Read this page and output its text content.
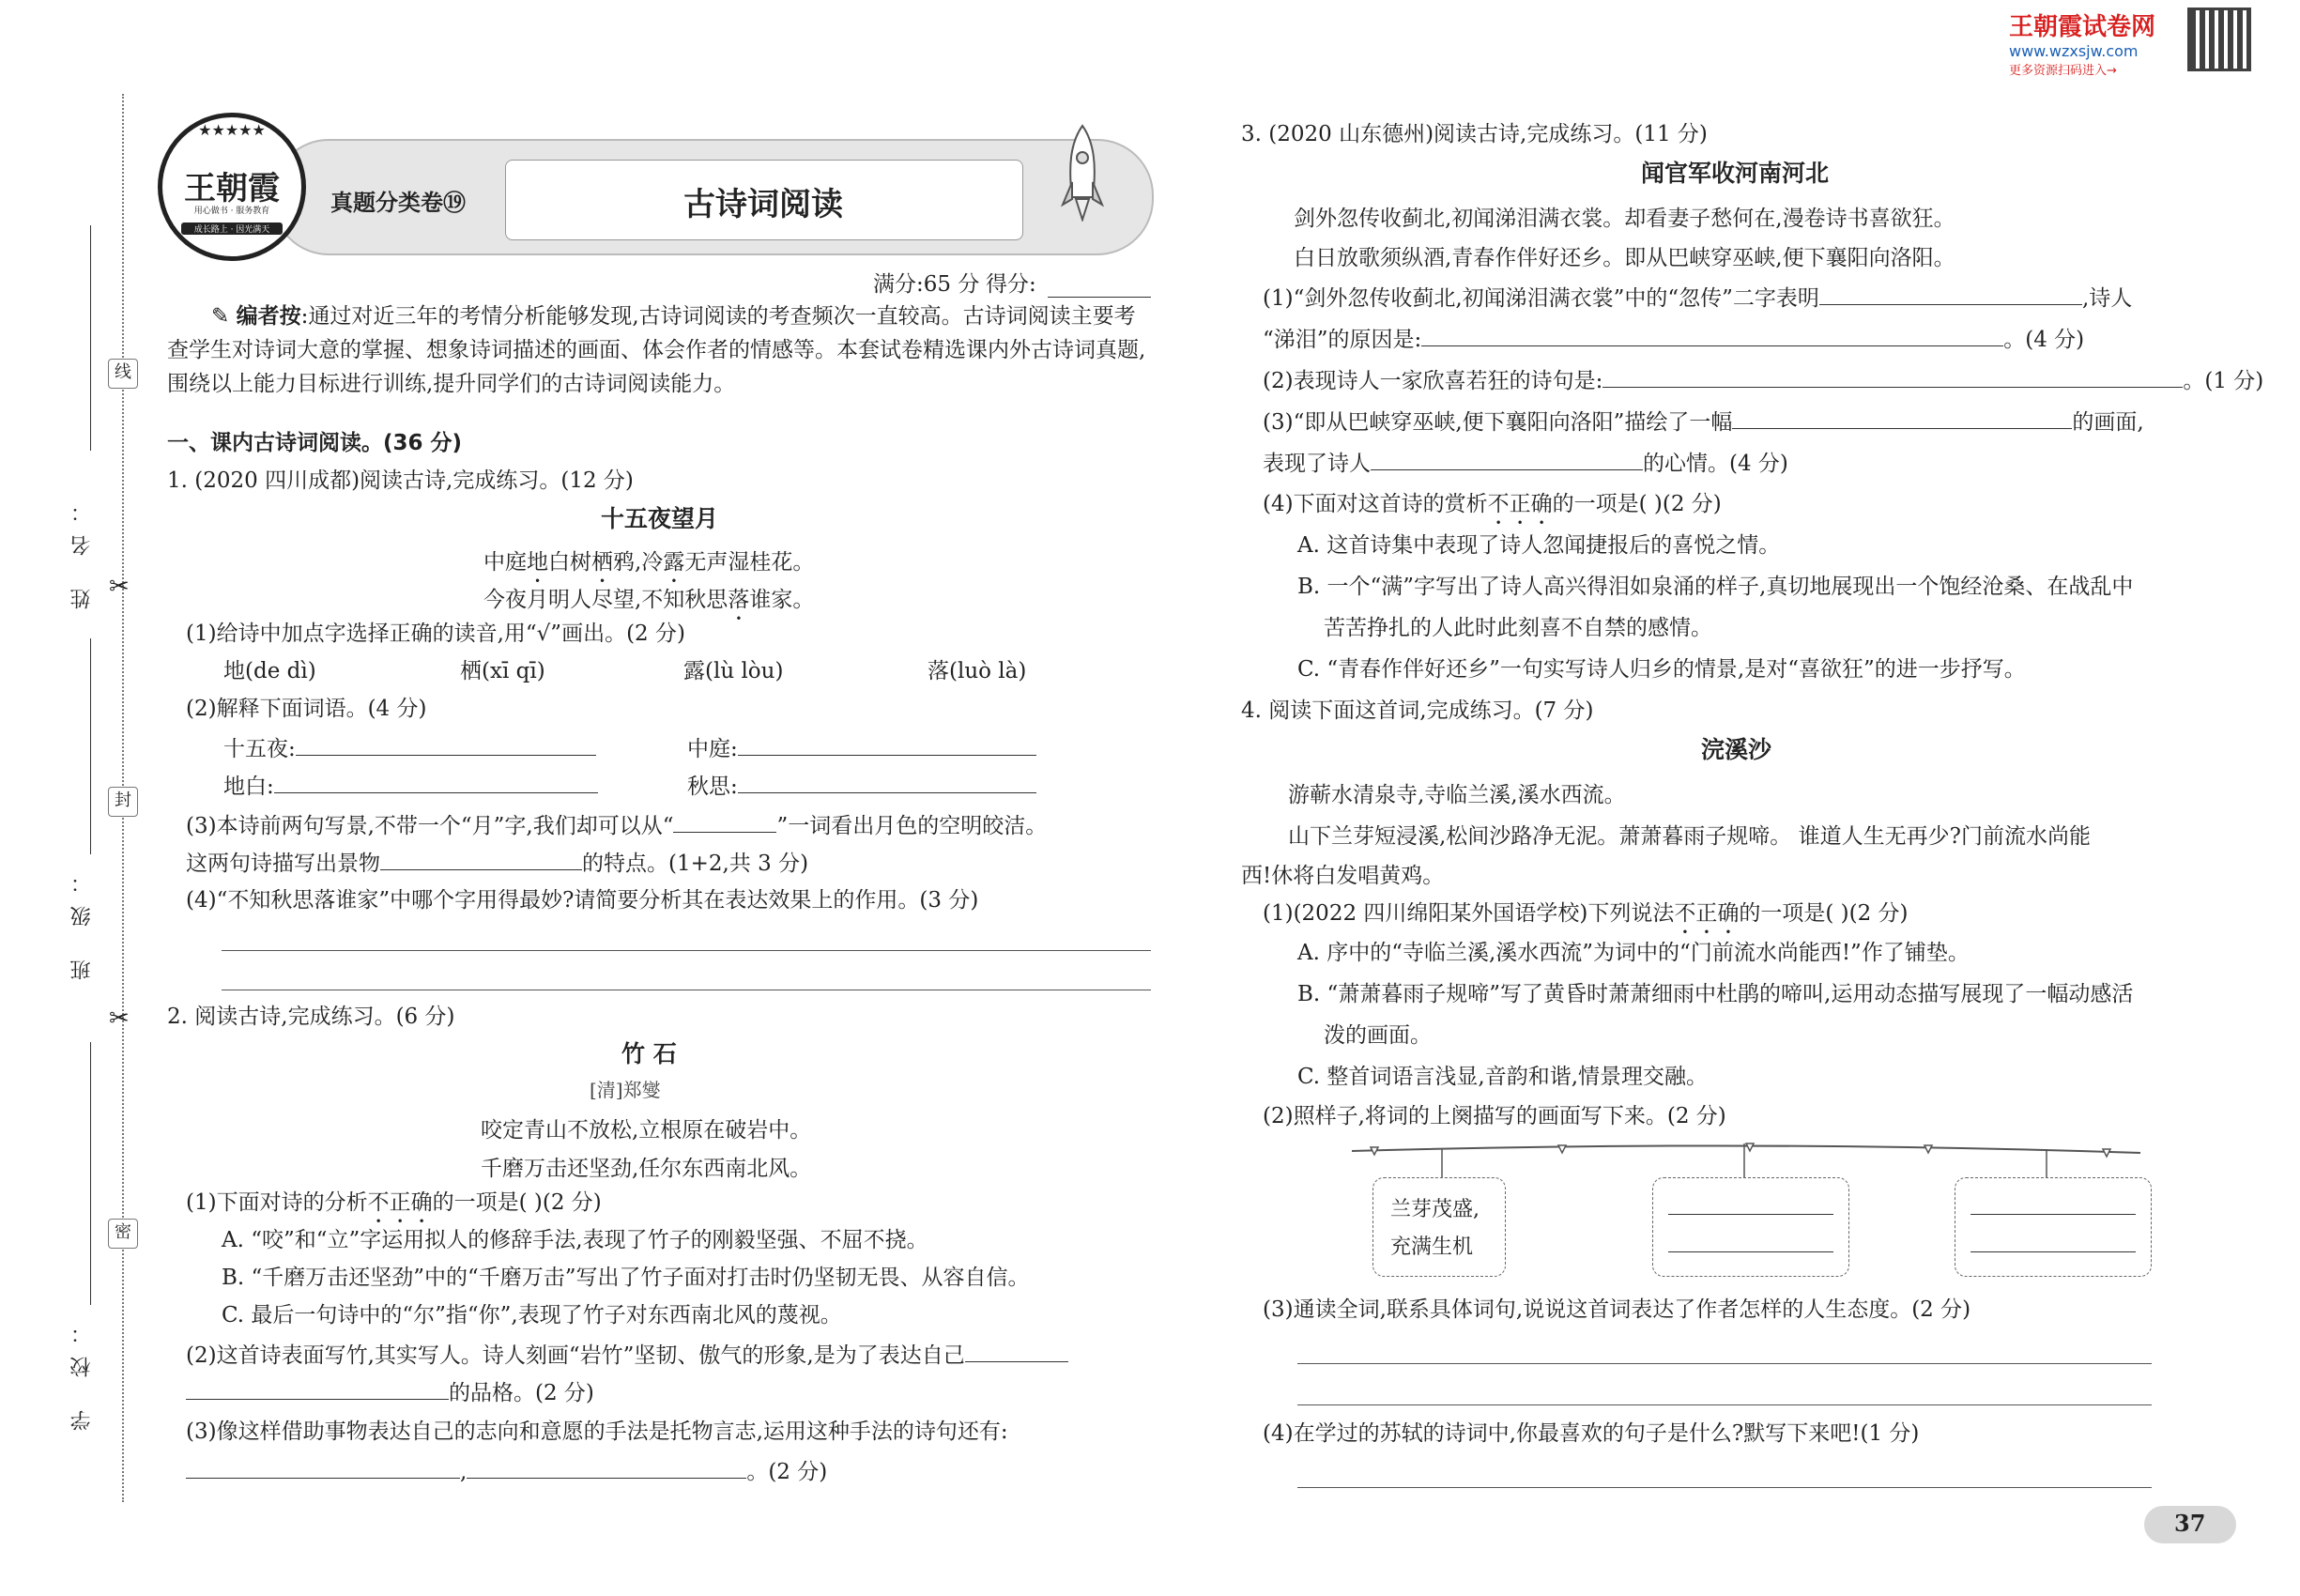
王朝霞试卷网
www.wzxsjw.com
更多资源扫码进入→
姓 名：
班 级：
学 校：
线
封
密
✂
✂
★★★★★
王朝霞
用心做书 · 服务教育
成长路上 · 因光满天
真题分类卷⑲	古诗词阅读
满分:65 分 得分:
✎ 编者按:通过对近三年的考情分析能够发现,古诗词阅读的考查频次一直较高。古诗词阅读主要考
查学生对诗词大意的掌握、想象诗词描述的画面、体会作者的情感等。本套试卷精选课内外古诗词真题,
围绕以上能力目标进行训练,提升同学们的古诗词阅读能力。
一、课内古诗词阅读。(36 分)
1. (2020 四川成都)阅读古诗,完成练习。(12 分)
十五夜望月
中庭地白树栖鸦,冷露无声湿桂花。
今夜月明人尽望,不知秋思落谁家。
(1)给诗中加点字选择正确的读音,用“√”画出。(2 分)
地(de dì)	栖(xī qī)	露(lù lòu)	落(luò là)
(2)解释下面词语。(4 分)
十五夜:	中庭:
地白:	秋思:
(3)本诗前两句写景,不带一个“月”字,我们却可以从“	”一词看出月色的空明皎洁。
这两句诗描写出景物	的特点。(1+2,共 3 分)
(4)“不知秋思落谁家”中哪个字用得最妙?请简要分析其在表达效果上的作用。(3 分)
2. 阅读古诗,完成练习。(6 分)
竹 石
[清]郑燮
咬定青山不放松,立根原在破岩中。
千磨万击还坚劲,任尔东西南北风。
(1)下面对诗的分析不正确的一项是( )(2 分)
A. “咬”和“立”字运用拟人的修辞手法,表现了竹子的刚毅坚强、不屈不挠。
B. “千磨万击还坚劲”中的“千磨万击”写出了竹子面对打击时仍坚韧无畏、从容自信。
C. 最后一句诗中的“尔”指“你”,表现了竹子对东西南北风的蔑视。
(2)这首诗表面写竹,其实写人。诗人刻画“岩竹”坚韧、傲气的形象,是为了表达自己
的品格。(2 分)
(3)像这样借助事物表达自己的志向和意愿的手法是托物言志,运用这种手法的诗句还有:
,	。(2 分)
3. (2020 山东德州)阅读古诗,完成练习。(11 分)
闻官军收河南河北
剑外忽传收蓟北,初闻涕泪满衣裳。却看妻子愁何在,漫卷诗书喜欲狂。
白日放歌须纵酒,青春作伴好还乡。即从巴峡穿巫峡,便下襄阳向洛阳。
(1)“剑外忽传收蓟北,初闻涕泪满衣裳”中的“忽传”二字表明	,诗人
“涕泪”的原因是:	。(4 分)
(2)表现诗人一家欣喜若狂的诗句是:	。(1 分)
(3)“即从巴峡穿巫峡,便下襄阳向洛阳”描绘了一幅	的画面,
表现了诗人	的心情。(4 分)
(4)下面对这首诗的赏析不正确的一项是( )(2 分)
A. 这首诗集中表现了诗人忽闻捷报后的喜悦之情。
B. 一个“满”字写出了诗人高兴得泪如泉涌的样子,真切地展现出一个饱经沧桑、在战乱中
苦苦挣扎的人此时此刻喜不自禁的感情。
C. “青春作伴好还乡”一句实写诗人归乡的情景,是对“喜欲狂”的进一步抒写。
4. 阅读下面这首词,完成练习。(7 分)
浣溪沙
游蕲水清泉寺,寺临兰溪,溪水西流。
山下兰芽短浸溪,松间沙路净无泥。萧萧暮雨子规啼。 谁道人生无再少?门前流水尚能
西!休将白发唱黄鸡。
(1)(2022 四川绵阳某外国语学校)下列说法不正确的一项是( )(2 分)
A. 序中的“寺临兰溪,溪水西流”为词中的“门前流水尚能西!”作了铺垫。
B. “萧萧暮雨子规啼”写了黄昏时萧萧细雨中杜鹃的啼叫,运用动态描写展现了一幅动感活
泼的画面。
C. 整首词语言浅显,音韵和谐,情景理交融。
(2)照样子,将词的上阕描写的画面写下来。(2 分)
兰芽茂盛,
充满生机
(3)通读全词,联系具体词句,说说这首词表达了作者怎样的人生态度。(2 分)
(4)在学过的苏轼的诗词中,你最喜欢的句子是什么?默写下来吧!(1 分)
37
